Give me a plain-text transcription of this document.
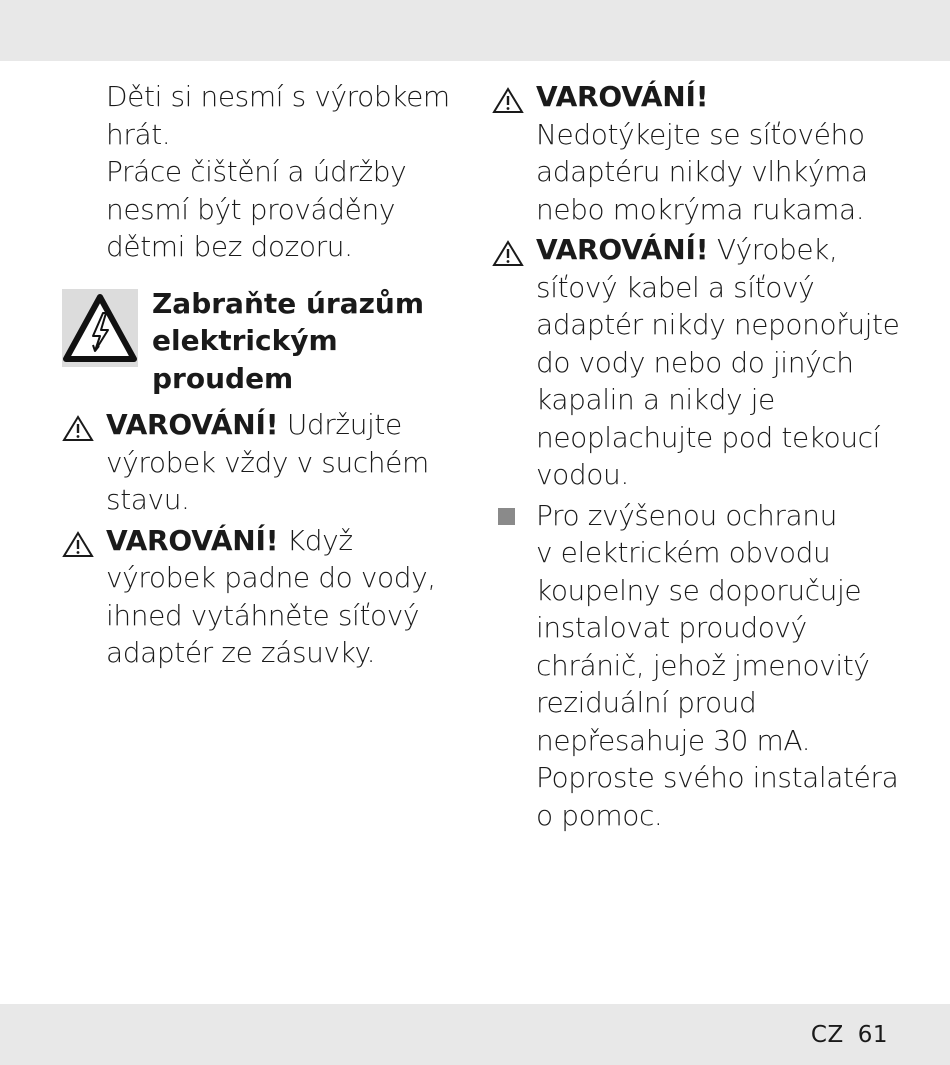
Děti si nesmí s výrobkem

hrát.

Práce čištění a údržby

nesmí být prováděny

dětmi bez dozoru.

Zabraňte úrazům

elektrickým

proudem

VAROVÁNÍ! Udržujte

výrobek vždy v suchém

stavu.

VAROVÁNÍ! Když

výrobek padne do vody,

ihned vytáhněte síťový

adaptér ze zásuvky.

VAROVÁNÍ!

Nedotýkejte se síťového

adaptéru nikdy vlhkýma

nebo mokrýma rukama.

VAROVÁNÍ! Výrobek,

síťový kabel a síťový

adaptér nikdy neponořujte

do vody nebo do jiných

kapalin a nikdy je

neoplachujte pod tekoucí

vodou.

Pro zvýšenou ochranu

v elektrickém obvodu

koupelny se doporučuje

instalovat proudový

chránič, jehož jmenovitý

reziduální proud

nepřesahuje 30 mA.

Poproste svého instalatéra

o pomoc.

CZ 61
